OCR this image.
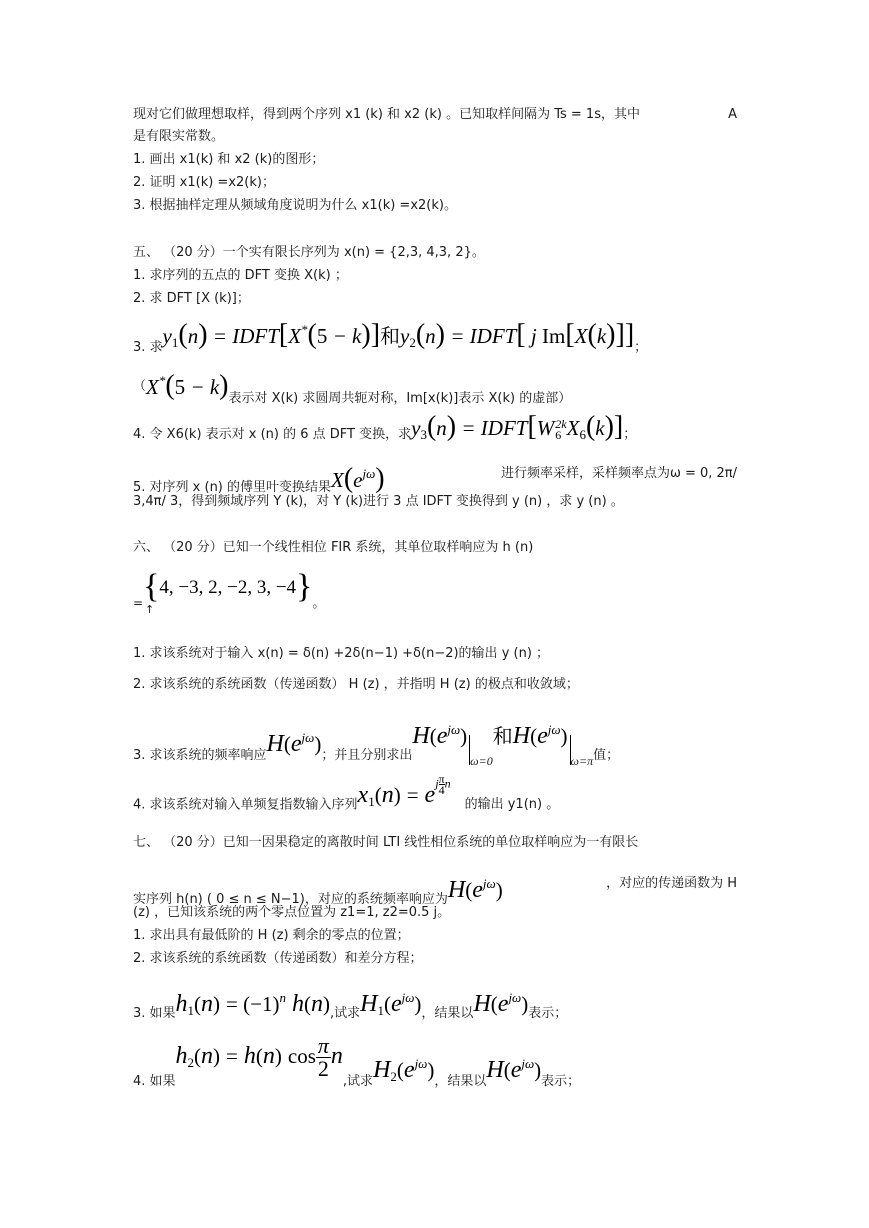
现对它们做理想取样，得到两个序列 x1 (k) 和 x2 (k) 。已知取样间隔为 Ts = 1s，其中	A
是有限实常数。
1. 画出 x1(k) 和 x2 (k)的图形；
2. 证明 x1(k) =x2(k)；
3. 根据抽样定理从频域角度说明为什么 x1(k) =x2(k)。
五、 （20 分）一个实有限长序列为 x(n) = {2,3, 4,3, 2}。
1. 求序列的五点的 DFT 变换 X(k) ；
2. 求 DFT [X (k)]；
3. 求$y_1(n)$ = IDFT[X*(5 − k)]和$y_2(n)$ = IDFT[ j Im[X(k)]]；
（X*(5 − k)表示对 X(k) 求圆周共轭对称，Im[x(k)]表示 X(k) 的虚部）
4. 令 X6(k) 表示对 x (n) 的 6 点 DFT 变换，求$y_3(n)$ = IDFT[W 2k
6 $X_6(k)$]；
5. 对序列 x (n) 的傅里叶变换结果$X(e^{j\omega})$	进行频率采样，采样频率点为ω = 0, 2π/
3,4π/ 3，得到频域序列 Y (k)，对 Y (k)进行 3 点 IDFT 变换得到 y (n) ，求 y (n) 。
六、 （20 分）已知一个线性相位 FIR 系统，其单位取样响应为 h (n)
={4, −3, 2, −2, 3, −4}。
↑
1. 求该系统对于输入 x(n) = δ(n) +2δ(n−1) +δ(n−2)的输出 y (n) ；
2. 求该系统的系统函数（传递函数） H (z) ，并指明 H (z) 的极点和收敛域；
3. 求该系统的频率响应$H(e^{j\omega})$；并且分别求出$H(e^{j\omega})\omega=0$和$H(e^{j\omega})\omega=\pi$值；
4. 求该系统对输入单频复指数输入序列$x_1(n)$ = ej $\frac{\pi}{4}$ n的输出 y1(n) 。
七、 （20 分）已知一因果稳定的离散时间 LTI 线性相位系统的单位取样响应为一有限长
实序列 h(n) ( 0 ≤ n ≤ N−1)，对应的系统频率响应为$H(e^{j\omega})$	，对应的传递函数为 H
(z) ，已知该系统的两个零点位置为 z1=1, z2=0.5 j。
1. 求出具有最低阶的 H (z) 剩余的零点的位置；
2. 求该系统的系统函数（传递函数）和差分方程；
3. 如果$h_1(n) = (-1)^n$ h(n),试求$H_1(e^{j\omega})$，结果以$H(e^{j\omega})$表示；
4. 如果$h_2(n) = h(n)$ $\cos \frac{\pi}{2} n$,试求$H_2(e^{j\omega})$，结果以$H(e^{j\omega})$表示；
